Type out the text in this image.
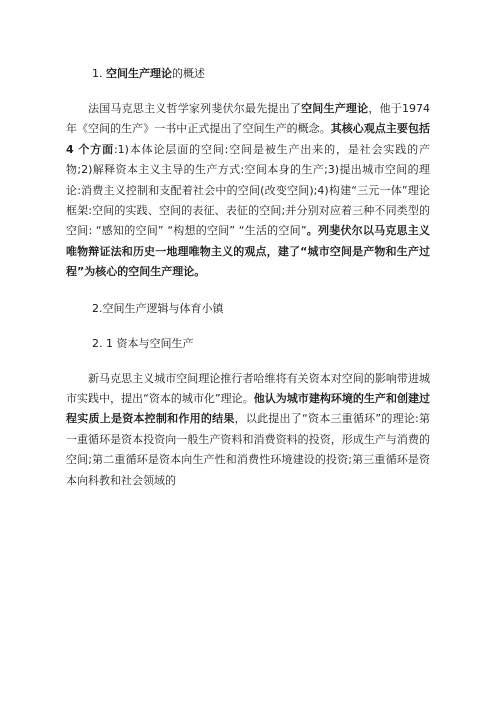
1. 空间生产理论的概述

法国马克思主义哲学家列斐伏尔最先提出了空间生产理论，他于1974 年《空间的生产》一书中正式提出了空间生产的概念。其核心观点主要包括 4 个方面:1)本体论层面的空间:空间是被生产出来的，是社会实践的产物;2)解释资本主义主导的生产方式:空间本身的生产;3)提出城市空间的理论:消费主义控制和支配着社会中的空间(改变空间);4)构建“三元一体”理论框架:空间的实践、空间的表征、表征的空间;并分别对应着三种不同类型的空间: “感知的空间” “构想的空间” “生活的空间”。列斐伏尔以马克思主义唯物辩证法和历史一地理唯物主义的观点，建了“城市空间是产物和生产过程”为核心的空间生产理论。

2.空间生产逻辑与体育小镇
2. 1 资本与空间生产

新马克思主义城市空间理论推行者哈维将有关资本对空间的影响带进城市实践中，提出“资本的城市化”理论。他认为城市建构环境的生产和创建过程实质上是资本控制和作用的结果，以此提出了“资本三重循环”的理论:第一重循环是资本投资向一般生产资料和消费资料的投资，形成生产与消费的空间;第二重循环是资本向生产性和消费性环境建设的投资;第三重循环是资本向科教和社会领域的
